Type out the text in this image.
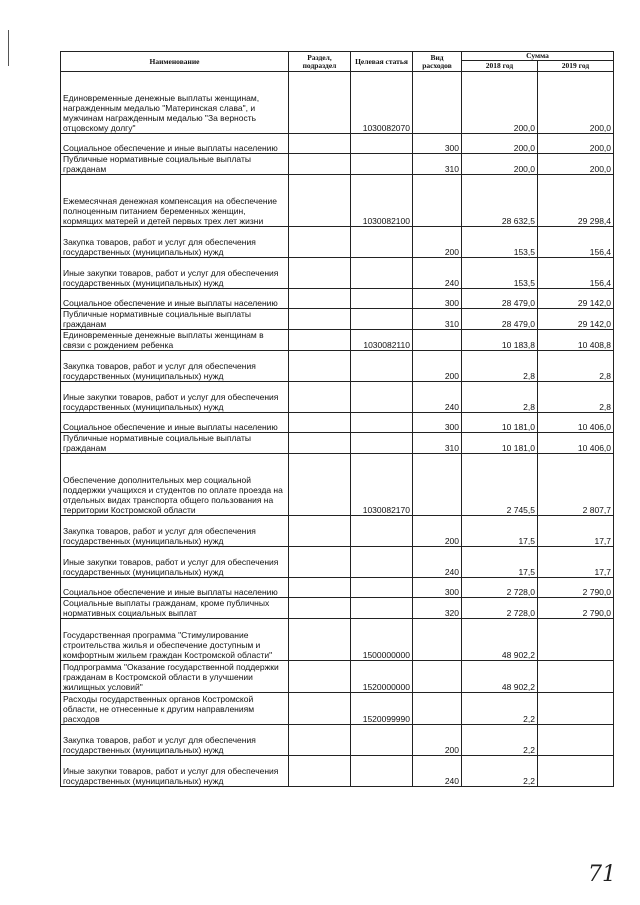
Наименование	Раздел, подраздел	Целевая статья	Вид расходов	Сумма	
				2018 год	2019 год
Единовременные денежные выплаты женщинам, награжденным медалью "Материнская слава", и мужчинам награжденным медалью "За верность отцовскому долгу"		1030082070		200,0	200,0
Социальное обеспечение и иные выплаты населению			300	200,0	200,0
Публичные нормативные социальные выплаты гражданам			310	200,0	200,0
Ежемесячная денежная компенсация на обеспечение полноценным питанием беременных женщин, кормящих матерей и детей первых трех лет жизни		1030082100		28 632,5	29 298,4
Закупка товаров, работ и услуг для обеспечения государственных (муниципальных) нужд			200	153,5	156,4
Иные закупки товаров, работ и услуг для обеспечения государственных (муниципальных) нужд			240	153,5	156,4
Социальное обеспечение и иные выплаты населению			300	28 479,0	29 142,0
Публичные нормативные социальные выплаты гражданам			310	28 479,0	29 142,0
Единовременные денежные выплаты женщинам в связи с рождением ребенка		1030082110		10 183,8	10 408,8
Закупка товаров, работ и услуг для обеспечения государственных (муниципальных) нужд			200	2,8	2,8
Иные закупки товаров, работ и услуг для обеспечения государственных (муниципальных) нужд			240	2,8	2,8
Социальное обеспечение и иные выплаты населению			300	10 181,0	10 406,0
Публичные нормативные социальные выплаты гражданам			310	10 181,0	10 406,0
Обеспечение дополнительных мер социальной поддержки учащихся и студентов по оплате проезда на отдельных видах транспорта общего пользования на территории Костромской области		1030082170		2 745,5	2 807,7
Закупка товаров, работ и услуг для обеспечения государственных (муниципальных) нужд			200	17,5	17,7
Иные закупки товаров, работ и услуг для обеспечения государственных (муниципальных) нужд			240	17,5	17,7
Социальное обеспечение и иные выплаты населению			300	2 728,0	2 790,0
Социальные выплаты гражданам, кроме публичных нормативных социальных выплат			320	2 728,0	2 790,0
Государственная программа "Стимулирование строительства жилья и обеспечение доступным и комфортным жильем граждан Костромской области"		1500000000		48 902,2	
Подпрограмма "Оказание государственной поддержки гражданам в Костромской области в улучшении жилищных условий"		1520000000		48 902,2	
Расходы государственных органов Костромской области, не отнесенные к другим направлениям расходов		1520099990		2,2	
Закупка товаров, работ и услуг для обеспечения государственных (муниципальных) нужд			200	2,2	
Иные закупки товаров, работ и услуг для обеспечения государственных (муниципальных) нужд			240	2,2	
71
